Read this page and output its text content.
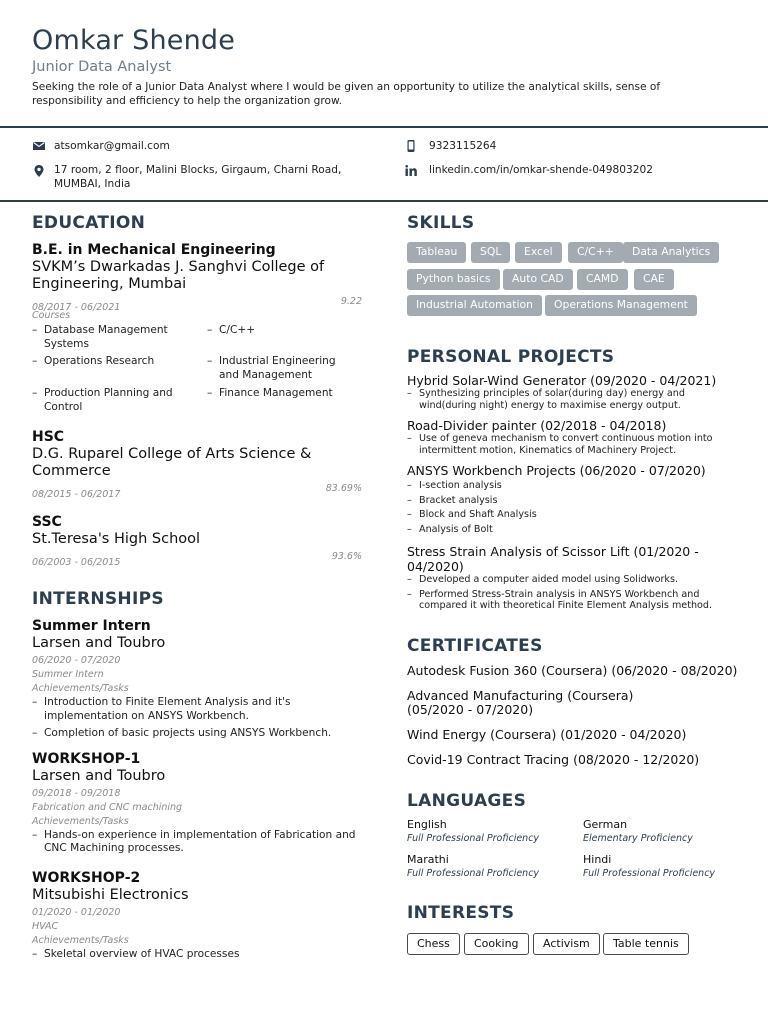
Omkar Shende
Junior Data Analyst
Seeking the role of a Junior Data Analyst where I would be given an opportunity to utilize the analytical skills, sense of responsibility and efficiency to help the organization grow.
atsomkar@gmail.com	9323115264
17 room, 2 floor, Malini Blocks, Girgaum, Charni Road, MUMBAI, India
linkedin.com/in/omkar-shende-049803202
EDUCATION
B.E. in Mechanical Engineering
SVKM’s Dwarkadas J. Sanghvi College of Engineering, Mumbai
08/2017 - 06/2021
9.22
Courses
– Database Management Systems
– C/C++
– Operations Research
–	Industrial Engineering and Management
– Production Planning and Control
– Finance Management
HSC
D.G. Ruparel College of Arts Science & Commerce
08/2015 - 06/2017
83.69%
SSC
St.Teresa's High School
06/2003 - 06/2015
93.6%
INTERNSHIPS
Summer Intern
Larsen and Toubro
06/2020 - 07/2020
Summer Intern
Achievements/Tasks
– Introduction to Finite Element Analysis and it's implementation on ANSYS Workbench.
– Completion of basic projects using ANSYS Workbench.
WORKSHOP-1
Larsen and Toubro
09/2018 - 09/2018
Fabrication and CNC machining
Achievements/Tasks
– Hands-on experience in implementation of Fabrication and CNC Machining processes.
WORKSHOP-2
Mitsubishi Electronics
01/2020 - 01/2020
HVAC
Achievements/Tasks
– Skeletal overview of HVAC processes
SKILLS
Tableau	SQL	Excel	C/C++	Data Analytics
Python basics	Auto CAD	CAMD	CAE
Industrial Automation	Operations Management
PERSONAL PROJECTS
Hybrid Solar-Wind Generator (09/2020 - 04/2021)
– Synthesizing principles of solar(during day) energy and wind(during night) energy to maximise energy output.
Road-Divider painter (02/2018 - 04/2018)
– Use of geneva mechanism to convert continuous motion into intermittent motion, Kinematics of Machinery Project.
ANSYS Workbench Projects (06/2020 - 07/2020)
– I-section analysis
– Bracket analysis
– Block and Shaft Analysis
– Analysis of Bolt
Stress Strain Analysis of Scissor Lift (01/2020 - 04/2020)
– Developed a computer aided model using Solidworks.
– Performed Stress-Strain analysis in ANSYS Workbench and compared it with theoretical Finite Element Analysis method.
CERTIFICATES
Autodesk Fusion 360 (Coursera) (06/2020 - 08/2020)
Advanced Manufacturing (Coursera) (05/2020 - 07/2020)
Wind Energy (Coursera) (01/2020 - 04/2020)
Covid-19 Contract Tracing (08/2020 - 12/2020)
LANGUAGES
English
Full Professional Proficiency
German
Elementary Proficiency
Marathi
Full Professional Proficiency
Hindi
Full Professional Proficiency
INTERESTS
Chess	Cooking	Activism	Table tennis
